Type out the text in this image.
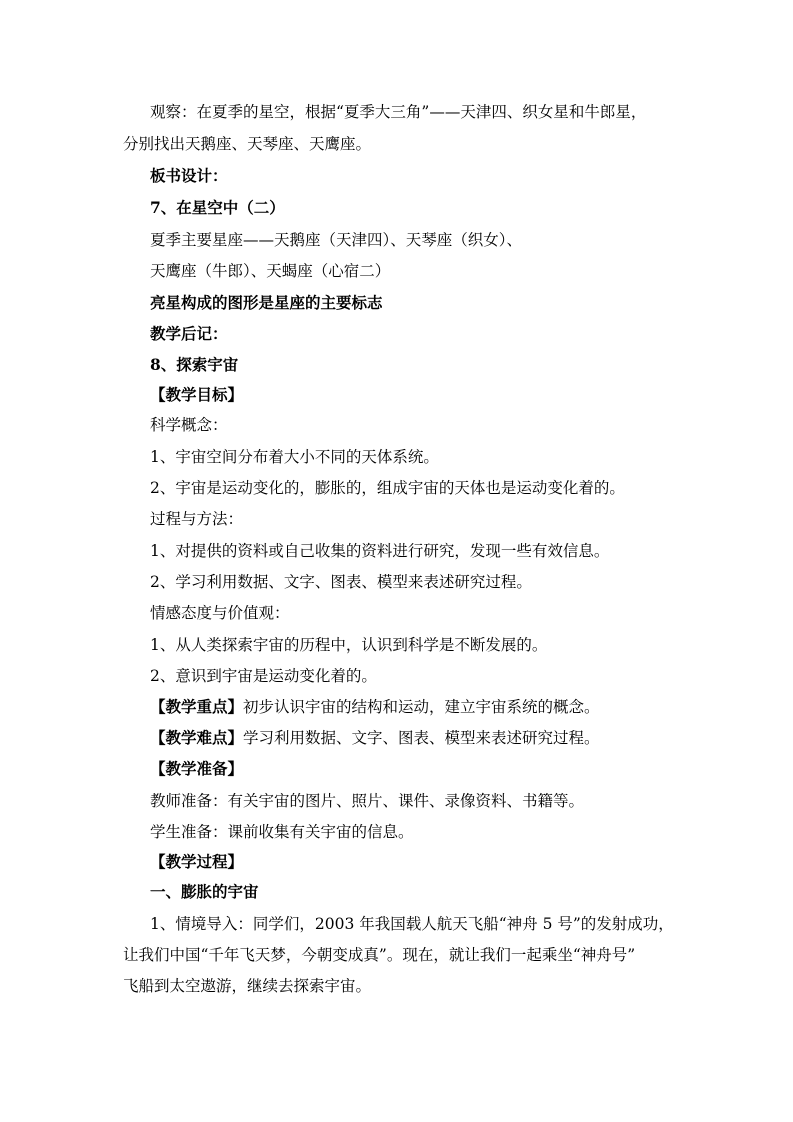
观察：在夏季的星空，根据“夏季大三角”——天津四、织女星和牛郎星，
分别找出天鹅座、天琴座、天鹰座。
板书设计：
7、在星空中（二）
夏季主要星座——天鹅座（天津四）、天琴座（织女）、
天鹰座（牛郎）、天蝎座（心宿二）
亮星构成的图形是星座的主要标志
教学后记：
8、探索宇宙
【教学目标】
科学概念：
1、宇宙空间分布着大小不同的天体系统。
2、宇宙是运动变化的，膨胀的，组成宇宙的天体也是运动变化着的。
过程与方法：
1、对提供的资料或自己收集的资料进行研究，发现一些有效信息。
2、学习利用数据、文字、图表、模型来表述研究过程。
情感态度与价值观：
1、从人类探索宇宙的历程中，认识到科学是不断发展的。
2、意识到宇宙是运动变化着的。
【教学重点】初步认识宇宙的结构和运动，建立宇宙系统的概念。
【教学难点】学习利用数据、文字、图表、模型来表述研究过程。
【教学准备】
教师准备：有关宇宙的图片、照片、课件、录像资料、书籍等。
学生准备：课前收集有关宇宙的信息。
【教学过程】
一、膨胀的宇宙
1、情境导入：同学们，2003 年我国载人航天飞船“神舟 5 号”的发射成功，
让我们中国“千年飞天梦，今朝变成真”。现在，就让我们一起乘坐“神舟号”
飞船到太空遨游，继续去探索宇宙。
